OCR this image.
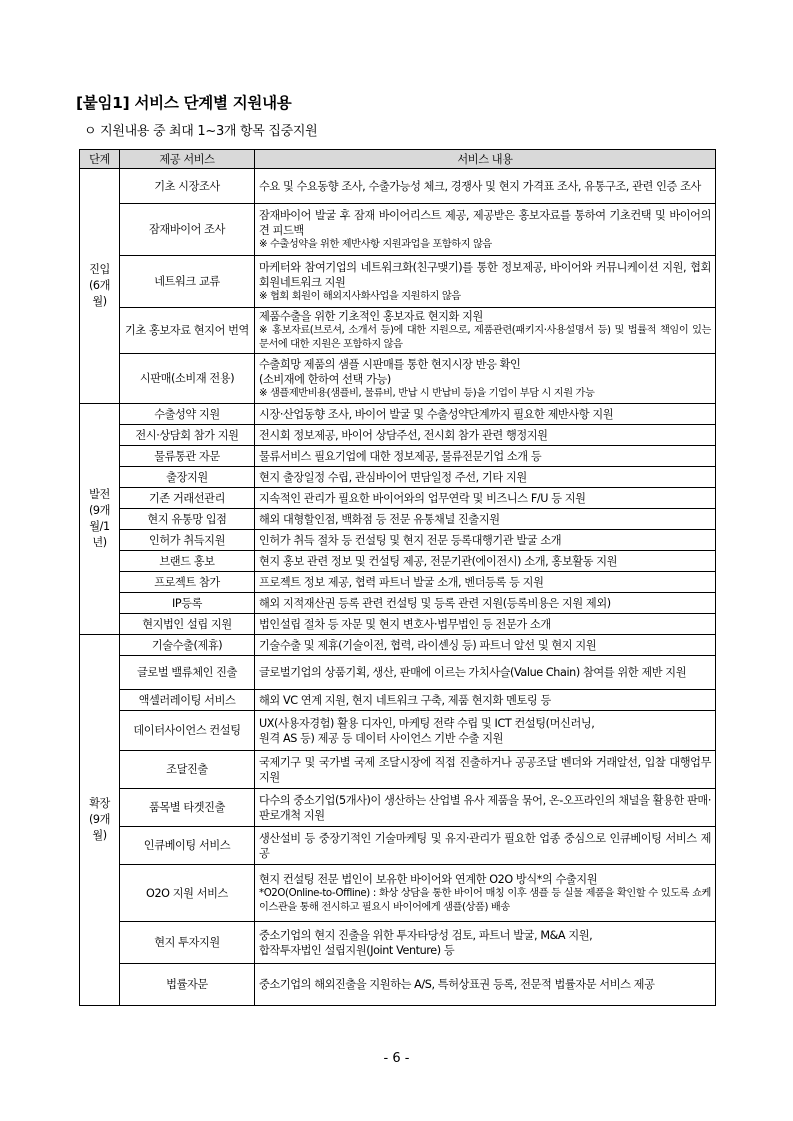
[붙임1] 서비스 단계별 지원내용
ㅇ 지원내용 중 최대 1~3개 항목 집중지원
단계	제공 서비스	서비스 내용
진입
(6개월)	기초 시장조사	수요 및 수요동향 조사, 수출가능성 체크, 경쟁사 및 현지 가격표 조사, 유통구조, 관련 인증 조사

	잠재바이어 조사	잠재바이어 발굴 후 잠재 바이어리스트 제공, 제공받은 홍보자료를 통하여 기초컨택 및 바이어의견 피드백
※ 수출성약을 위한 제반사항 지원과업을 포함하지 않음

	네트워크 교류	마케터와 참여기업의 네트워크화(친구맺기)를 통한 정보제공, 바이어와 커뮤니케이션 지원, 협회 회원네트워크 지원
※ 협회 회원이 해외지사화사업을 지원하지 않음

	기초 홍보자료 현지어 번역	제품수출을 위한 기초적인 홍보자료 현지화 지원
※ 홍보자료(브로셔, 소개서 등)에 대한 지원으로, 제품관련(패키지·사용설명서 등) 및 법률적 책임이 있는 문서에 대한 지원은 포함하지 않음

	시판매(소비재 전용)	수출희망 제품의 샘플 시판매를 통한 현지시장 반응 확인
(소비재에 한하여 선택 가능)
※ 샘플제반비용(샘플비, 물류비, 반납 시 반납비 등)을 기업이 부담 시 지원 가능

발전
(9개
월/1
년)	수출성약 지원	시장·산업동향 조사, 바이어 발굴 및 수출성약단계까지 필요한 제반사항 지원

	전시·상담회 참가 지원	전시회 정보제공, 바이어 상담주선, 전시회 참가 관련 행정지원

	물류통관 자문	물류서비스 필요기업에 대한 정보제공, 물류전문기업 소개 등

	출장지원	현지 출장일정 수립, 관심바이어 면담일정 주선, 기타 지원

	기존 거래선관리	지속적인 관리가 필요한 바이어와의 업무연락 및 비즈니스 F/U 등 지원

	현지 유통망 입점	해외 대형할인점, 백화점 등 전문 유통채널 진출지원

	인허가 취득지원	인허가 취득 절차 등 컨설팅 및 현지 전문 등록대행기관 발굴 소개

	브랜드 홍보	현지 홍보 관련 정보 및 컨설팅 제공, 전문기관(에이전시) 소개, 홍보활동 지원

	프로젝트 참가	프로젝트 정보 제공, 협력 파트너 발굴 소개, 벤더등록 등 지원

	IP등록	해외 지적재산권 등록 관련 컨설팅 및 등록 관련 지원(등록비용은 지원 제외)

	현지법인 설립 지원	법인설립 절차 등 자문 및 현지 변호사·법무법인 등 전문가 소개

확장
(9개
월)	기술수출(제휴)	기술수출 및 제휴(기술이전, 협력, 라이센싱 등) 파트너 알선 및 현지 지원

	글로벌 밸류체인 진출	글로벌기업의 상품기획, 생산, 판매에 이르는 가치사슬(Value Chain) 참여를 위한 제반 지원

	액셀러레이팅 서비스	해외 VC 연계 지원, 현지 네트워크 구축, 제품 현지화 멘토링 등

	데이터사이언스 컨설팅	UX(사용자경험) 활용 디자인, 마케팅 전략 수립 및 ICT 컨설팅(머신러닝,
원격 AS 등) 제공 등 데이터 사이언스 기반 수출 지원

	조달진출	국제기구 및 국가별 국제 조달시장에 직접 진출하거나 공공조달 벤더와 거래알선, 입찰 대행업무 지원

	품목별 타겟진출	다수의 중소기업(5개사)이 생산하는 산업별 유사 제품을 묶어, 온-오프라인의 채널을 활용한 판매·판로개척 지원

	인큐베이팅 서비스	생산설비 등 중장기적인 기술마케팅 및 유지·관리가 필요한 업종 중심으로 인큐베이팅 서비스 제공

	O2O 지원 서비스	현지 컨설팅 전문 법인이 보유한 바이어와 연계한 O2O 방식*의 수출지원
*O2O(Online-to-Offline) : 화상 상담을 통한 바이어 매칭 이후 샘플 등 실물 제품을 확인할 수 있도록 쇼케이스관을 통해 전시하고 필요시 바이어에게 샘플(상품) 배송

	현지 투자지원	중소기업의 현지 진출을 위한 투자타당성 검토, 파트너 발굴, M&A 지원,
합작투자법인 설립지원(Joint Venture) 등

	법률자문	중소기업의 해외진출을 지원하는 A/S, 특허상표권 등록, 전문적 법률자문 서비스 제공
- 6 -
